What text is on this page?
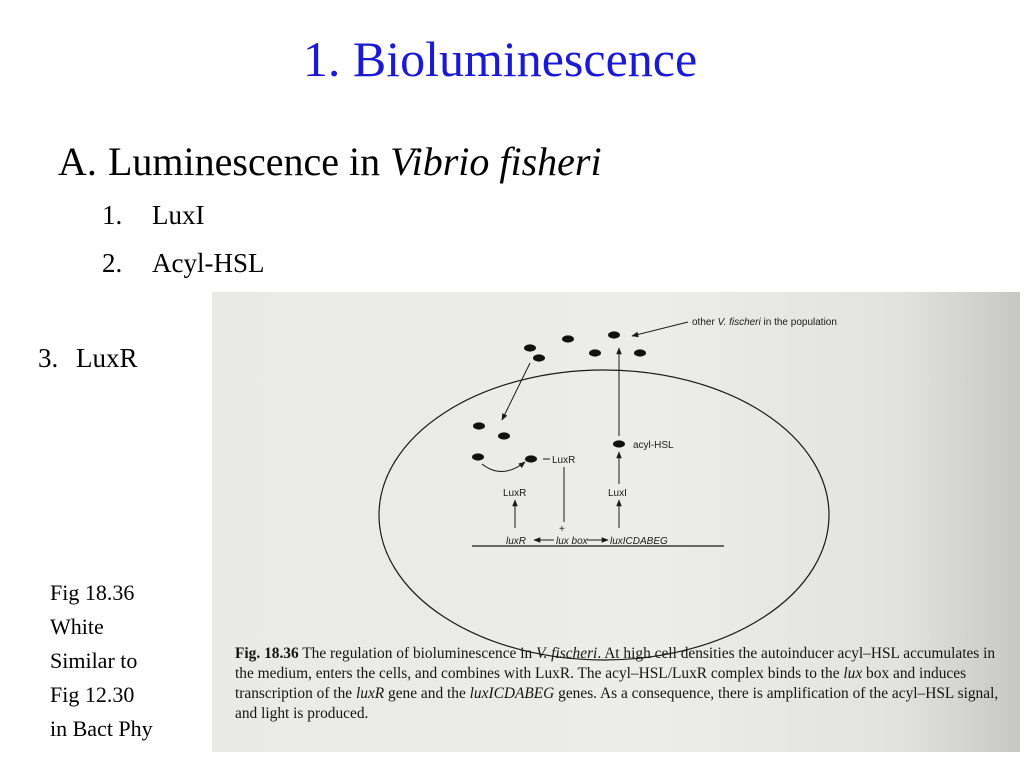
1. Bioluminescence
A. Luminescence in Vibrio fisheri
1. LuxI
2. Acyl-HSL
3. LuxR
Fig 18.36
White
Similar to
Fig 12.30
in Bact Phy
other V. fischeri in the population
acyl-HSL
LuxR
LuxR	LuxI
+
luxR	lux box luxICDABEG
Fig. 18.36 The regulation of bioluminescence in V. fischeri. At high cell densities the autoinducer acyl–HSL accumulates in the medium, enters the cells, and combines with LuxR. The acyl–HSL/LuxR complex binds to the lux box and induces transcription of the luxR gene and the luxICDABEG genes. As a consequence, there is amplification of the acyl–HSL signal, and light is produced.
